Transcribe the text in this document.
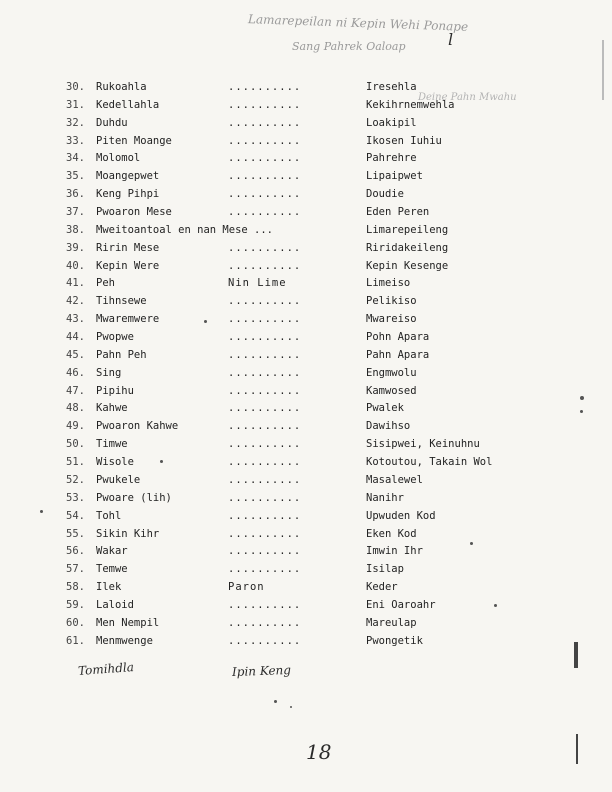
Lamarepeilan ni Kepin Wehi Ponape
Sang Pahrek Oaloap
Deine Pahn Mwahu
l
30.	Rukoahla	..........	Iresehla
31.	Kedellahla	..........	Kekihrnemwehla
32.	Duhdu	..........	Loakipil
33.	Piten Moange	..........	Ikosen Iuhiu
34.	Molomol	..........	Pahrehre
35.	Moangepwet	..........	Lipaipwet
36.	Keng Pihpi	..........	Doudie
37.	Pwoaron Mese	..........	Eden Peren
38.	Mweitoantoal en nan Mese ...	Limarepeileng
39.	Ririn Mese	..........	Riridakeileng
40.	Kepin Were	..........	Kepin Kesenge
41.	Peh	Nin Lime	Limeiso
42.	Tihnsewe	..........	Pelikiso
43.	Mwaremwere	..........	Mwareiso
44.	Pwopwe	..........	Pohn Apara
45.	Pahn Peh	..........	Pahn Apara
46.	Sing	..........	Engmwolu
47.	Pipihu	..........	Kamwosed
48.	Kahwe	..........	Pwalek
49.	Pwoaron Kahwe	..........	Dawihso
50.	Timwe	..........	Sisipwei, Keinuhnu
51.	Wisole	..........	Kotoutou, Takain Wol
52.	Pwukele	..........	Masalewel
53.	Pwoare (lih)	..........	Nanihr
54.	Tohl	..........	Upwuden Kod
55.	Sikin Kihr	..........	Eken Kod
56.	Wakar	..........	Imwin Ihr
57.	Temwe	..........	Isilap
58.	Ilek	Paron	Keder
59.	Laloid	..........	Eni Oaroahr
60.	Men Nempil	..........	Mareulap
61.	Menmwenge	..........	Pwongetik
Tomihdla	Ipin Keng
18
